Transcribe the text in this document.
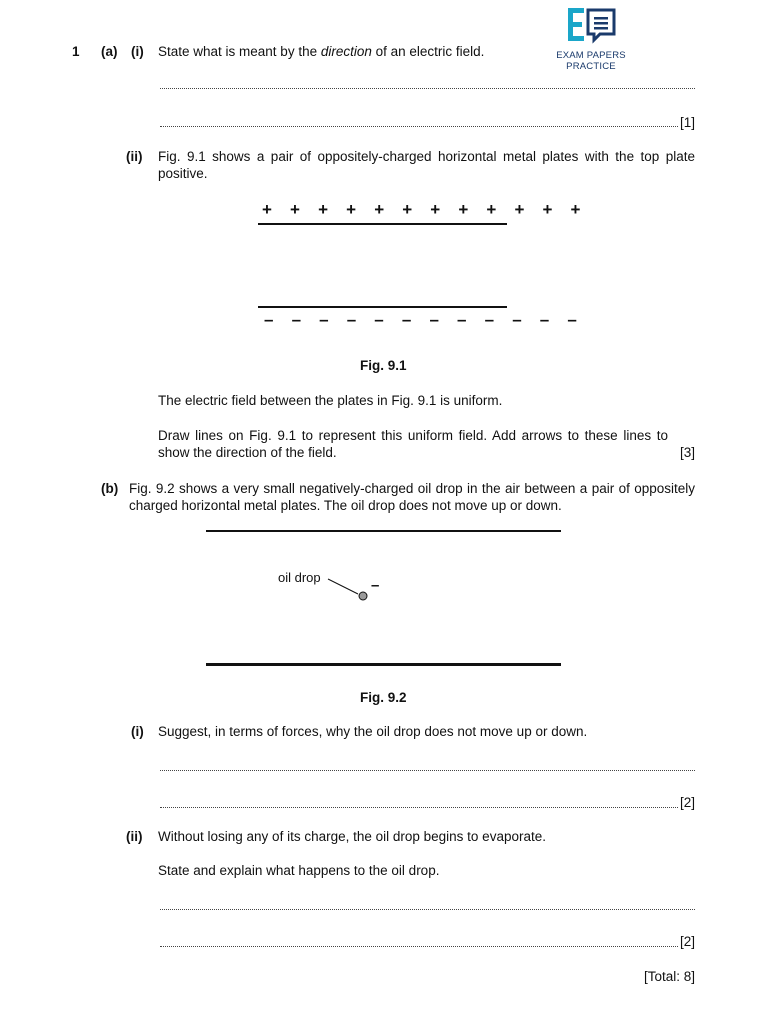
EXAM PAPERS PRACTICE
1 (a) (i) State what is meant by the direction of an electric field.
[1]
(ii) Fig. 9.1 shows a pair of oppositely-charged horizontal metal plates with the top plate positive.
+ + + + + + + + + + + +
– – – – – – – – – – – –
Fig. 9.1
The electric field between the plates in Fig. 9.1 is uniform.
Draw lines on Fig. 9.1 to represent this uniform field. Add arrows to these lines to show the direction of the field.	[3]
(b) Fig. 9.2 shows a very small negatively-charged oil drop in the air between a pair of oppositely charged horizontal metal plates. The oil drop does not move up or down.
oil drop	–
Fig. 9.2
(i) Suggest, in terms of forces, why the oil drop does not move up or down.
[2]
(ii) Without losing any of its charge, the oil drop begins to evaporate.
State and explain what happens to the oil drop.
[2]
[Total: 8]
